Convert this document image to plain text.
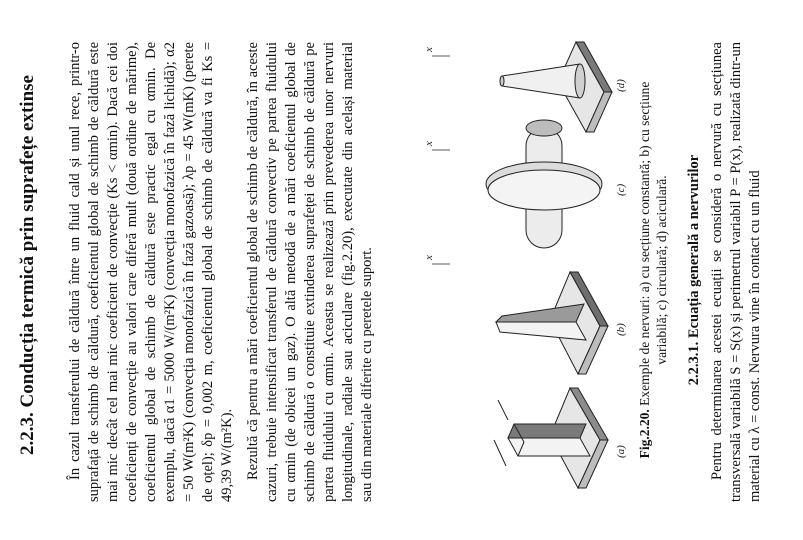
2.2.3. Conducția termică prin suprafețe extinse În cazul transferului de căldură între un fluid cald și unul rece, printr-o suprafață de schimb de căldură, coeficientul global de schimb de căldură este mai mic decât cel mai mic coeficient de convecție (Ks < αmin). Dacă cei doi coeficienți de convecție au valori care diferă mult (două ordine de mărime), coeficientul global de schimb de căldură este practic egal cu αmin. De exemplu, dacă α1 = 5000 W/(m²K) (convecția monofazică în fază lichidă); α2 = 50 W(m²K) (convecția monofazică în fază gazoasă); λp = 45 W(mK) (perete de oțel); δp = 0,002 m, coeficientul global de schimb de căldură va fi Ks = 49,39 W/(m²K). Rezultă că pentru a mări coeficientul global de schimb de căldură, în aceste cazuri, trebuie intensificat transferul de căldură convectiv pe partea fluidului cu αmin (de obicei un gaz). O altă metodă de a mări coeficientul global de schimb de căldură o constituie extinderea suprafeței de schimb de căldură pe partea fluidului cu αmin. Aceasta se realizează prin prevederea unor nervuri longitudinale, radiale sau aciculare (fig.2.20), executate din același material sau din materiale diferite cu peretele suport.	(a)
(b)
(c)
(d)
x
x
x
Fig.2.20. Exemple de nervuri: a) cu secțiune constantă; b) cu secțiune variabilă; c) circulară; d) aciculară. 2.2.3.1. Ecuația generală a nervurilor Pentru determinarea acestei ecuații se consideră o nervură cu secțiunea transversală variabilă S = S(x) și perimetrul variabil P = P(x), realizată dintr-un material cu λ = const. Nervura vine în contact cu un fluid
